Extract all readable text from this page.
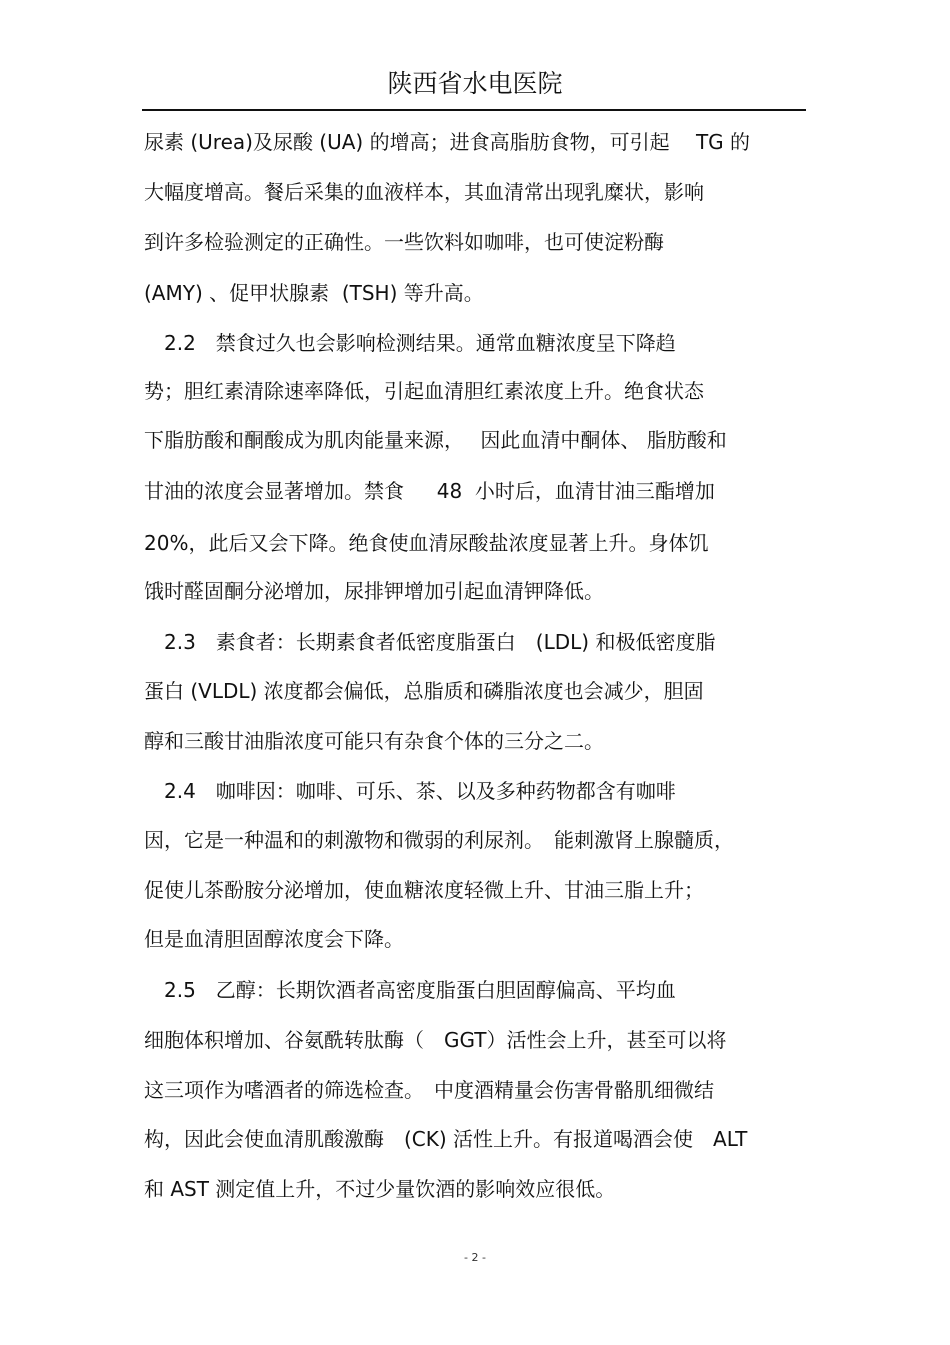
陕西省水电医院
尿素 (Urea)及尿酸 (UA) 的增高；进食高脂肪食物，可引起　 TG 的
大幅度增高。餐后采集的血液样本，其血清常出现乳糜状，影响
到许多检验测定的正确性。一些饮料如咖啡，也可使淀粉酶
(AMY) 、促甲状腺素  (TSH) 等升高。
　2.2　禁食过久也会影响检测结果。通常血糖浓度呈下降趋
势；胆红素清除速率降低，引起血清胆红素浓度上升。绝食状态
下脂肪酸和酮酸成为肌肉能量来源，　 因此血清中酮体、 脂肪酸和
甘油的浓度会显著增加。禁食　  48  小时后，血清甘油三酯增加
20%，此后又会下降。绝食使血清尿酸盐浓度显著上升。身体饥
饿时醛固酮分泌增加，尿排钾增加引起血清钾降低。
　2.3　素食者：长期素食者低密度脂蛋白　(LDL) 和极低密度脂
蛋白 (VLDL) 浓度都会偏低，总脂质和磷脂浓度也会减少，胆固
醇和三酸甘油脂浓度可能只有杂食个体的三分之二。
　2.4　咖啡因：咖啡、可乐、茶、以及多种药物都含有咖啡
因，它是一种温和的刺激物和微弱的利尿剂。　能刺激肾上腺髓质，
促使儿茶酚胺分泌增加，使血糖浓度轻微上升、甘油三脂上升；
但是血清胆固醇浓度会下降。
　2.5　乙醇：长期饮酒者高密度脂蛋白胆固醇偏高、平均血
细胞体积增加、谷氨酰转肽酶（　GGT）活性会上升，甚至可以将
这三项作为嗜酒者的筛选检查。　中度酒精量会伤害骨骼肌细微结
构，因此会使血清肌酸激酶　(CK) 活性上升。有报道喝酒会使　ALT
和 AST 测定值上升，不过少量饮酒的影响效应很低。
- 2 -
